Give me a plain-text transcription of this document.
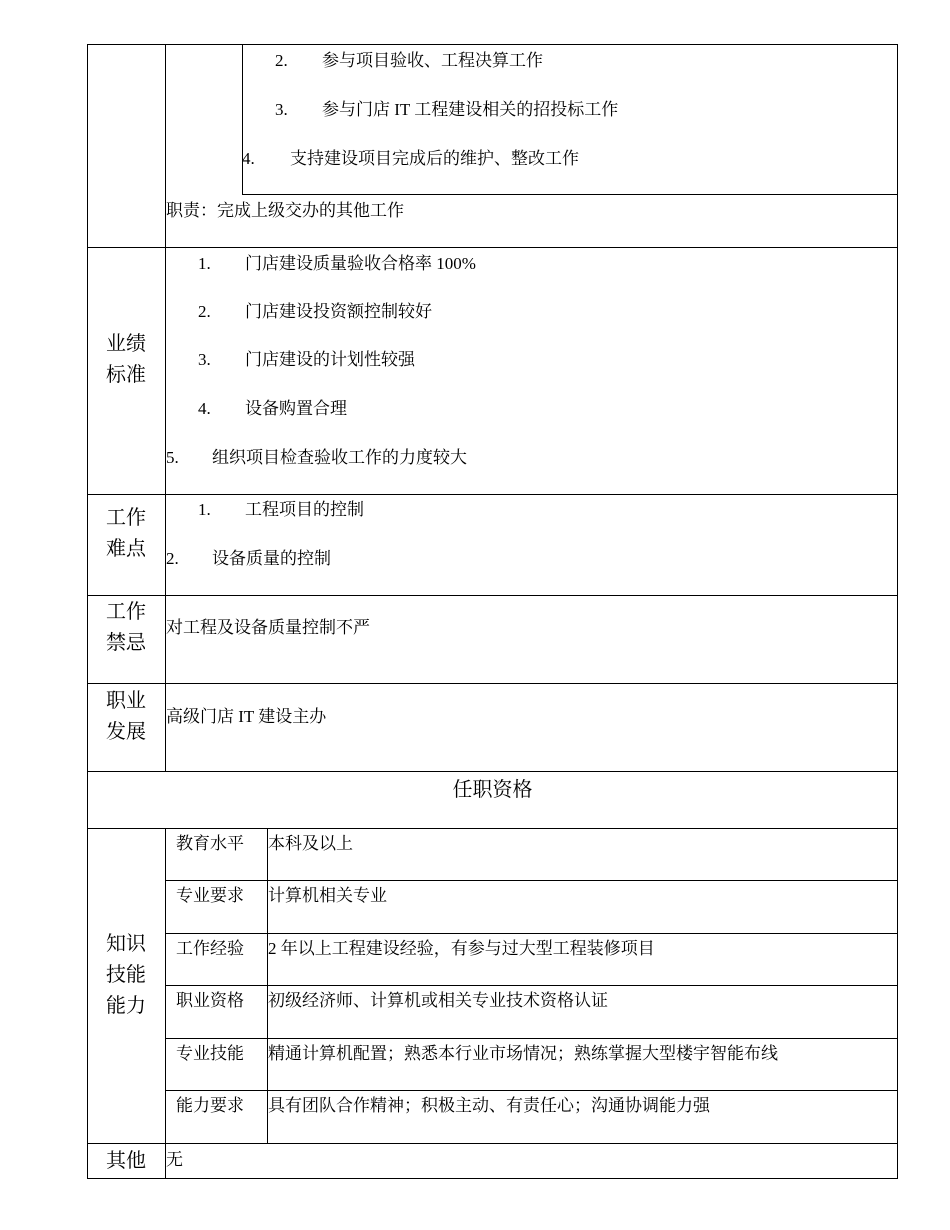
2. 参与项目验收、工程决算工作
3. 参与门店 IT 工程建设相关的招投标工作
4. 支持建设项目完成后的维护、整改工作
职责：完成上级交办的其他工作
业绩
标准
1. 门店建设质量验收合格率 100%
2. 门店建设投资额控制较好
3. 门店建设的计划性较强
4. 设备购置合理
5. 组织项目检查验收工作的力度较大
工作
难点
1. 工程项目的控制
2. 设备质量的控制
工作
禁忌
对工程及设备质量控制不严
职业
发展
高级门店 IT 建设主办
任职资格
知识
技能
能力
教育水平 本科及以上
专业要求 计算机相关专业
工作经验 2 年以上工程建设经验，有参与过大型工程装修项目
职业资格 初级经济师、计算机或相关专业技术资格认证
专业技能 精通计算机配置；熟悉本行业市场情况；熟练掌握大型楼宇智能布线
能力要求 具有团队合作精神；积极主动、有责任心；沟通协调能力强
其他	无
